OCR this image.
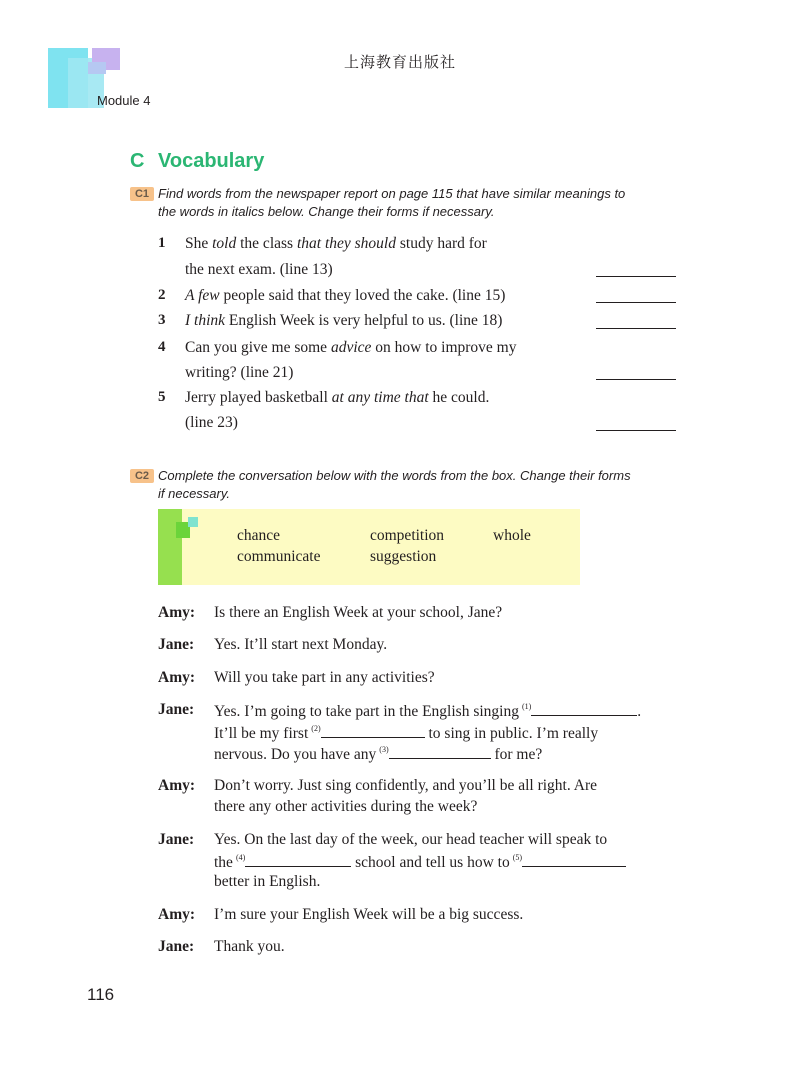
上海教育出版社
Module 4
C Vocabulary
C1 Find words from the newspaper report on page 115 that have similar meanings to
the words in italics below. Change their forms if necessary.
1 She told the class that they should study hard for
the next exam. (line 13)
2 A few people said that they loved the cake. (line 15)
3 I think English Week is very helpful to us. (line 18)
4 Can you give me some advice on how to improve my
writing? (line 21)
5 Jerry played basketball at any time that he could.
(line 23)
C2 Complete the conversation below with the words from the box. Change their forms
if necessary.
chance	competition	whole
communicate	suggestion
Amy: Is there an English Week at your school, Jane?
Jane: Yes. It’ll start next Monday.
Amy: Will you take part in any activities?
Jane: Yes. I’m going to take part in the English singing $^{(1)}$	.
It’ll be my first $^{(2)}$	to sing in public. I’m really
nervous. Do you have any $^{(3)}$	for me?
Amy: Don’t worry. Just sing confidently, and you’ll be all right. Are
there any other activities during the week?
Jane: Yes. On the last day of the week, our head teacher will speak to
the $^{(4)}$	school and tell us how to $^{(5)}$
better in English.
Amy: I’m sure your English Week will be a big success.
Jane: Thank you.
116
